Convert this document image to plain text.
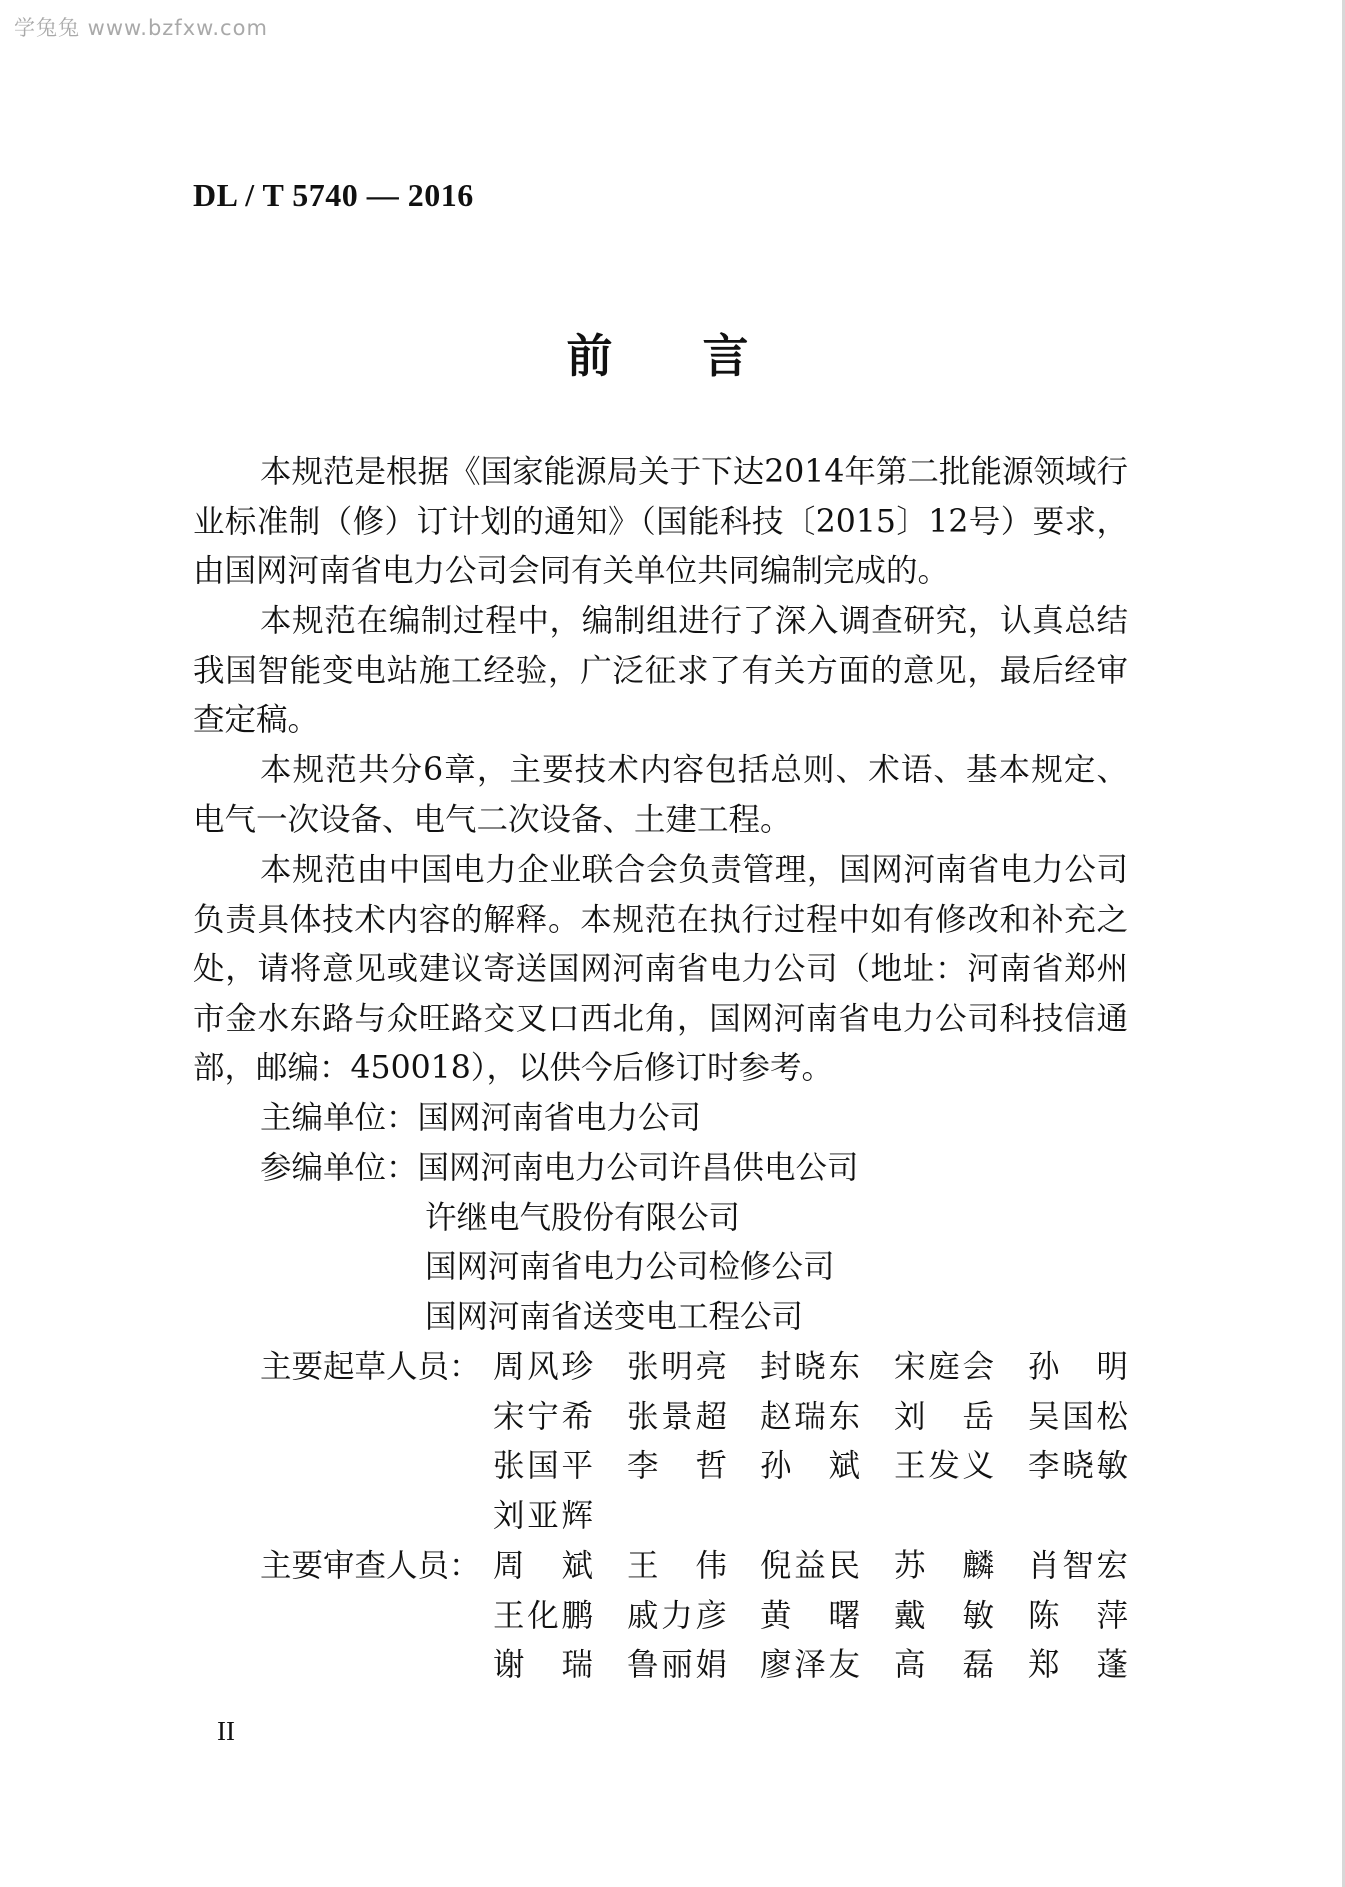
学兔兔 www.bzfxw.com
DL / T 5740 — 2016
前言

本规范是根据《国家能源局关于下达2014年第二批能源领域行业标准制（修）订计划的通知》（国能科技〔2015〕12号）要求，由国网河南省电力公司会同有关单位共同编制完成的。

本规范在编制过程中，编制组进行了深入调查研究，认真总结我国智能变电站施工经验，广泛征求了有关方面的意见，最后经审查定稿。

本规范共分6章，主要技术内容包括总则、术语、基本规定、电气一次设备、电气二次设备、土建工程。

本规范由中国电力企业联合会负责管理，国网河南省电力公司负责具体技术内容的解释。本规范在执行过程中如有修改和补充之处，请将意见或建议寄送国网河南省电力公司（地址：河南省郑州市金水东路与众旺路交叉口西北角，国网河南省电力公司科技信通部，邮编：450018），以供今后修订时参考。

主编单位：国网河南省电力公司
参编单位：国网河南电力公司许昌供电公司
许继电气股份有限公司
国网河南省电力公司检修公司
国网河南省送变电工程公司
主要起草人员： 周风珍 张明亮 封晓东 宋庭会 孙明
宋宁希 张景超 赵瑞东 刘岳 吴国松
张国平 李哲 孙斌 王发义 李晓敏
刘亚辉
主要审查人员： 周斌 王伟 倪益民 苏麟 肖智宏
王化鹏 戚力彦 黄曙 戴敏 陈萍
谢瑞 鲁丽娟 廖泽友 高磊 郑蓬
II
